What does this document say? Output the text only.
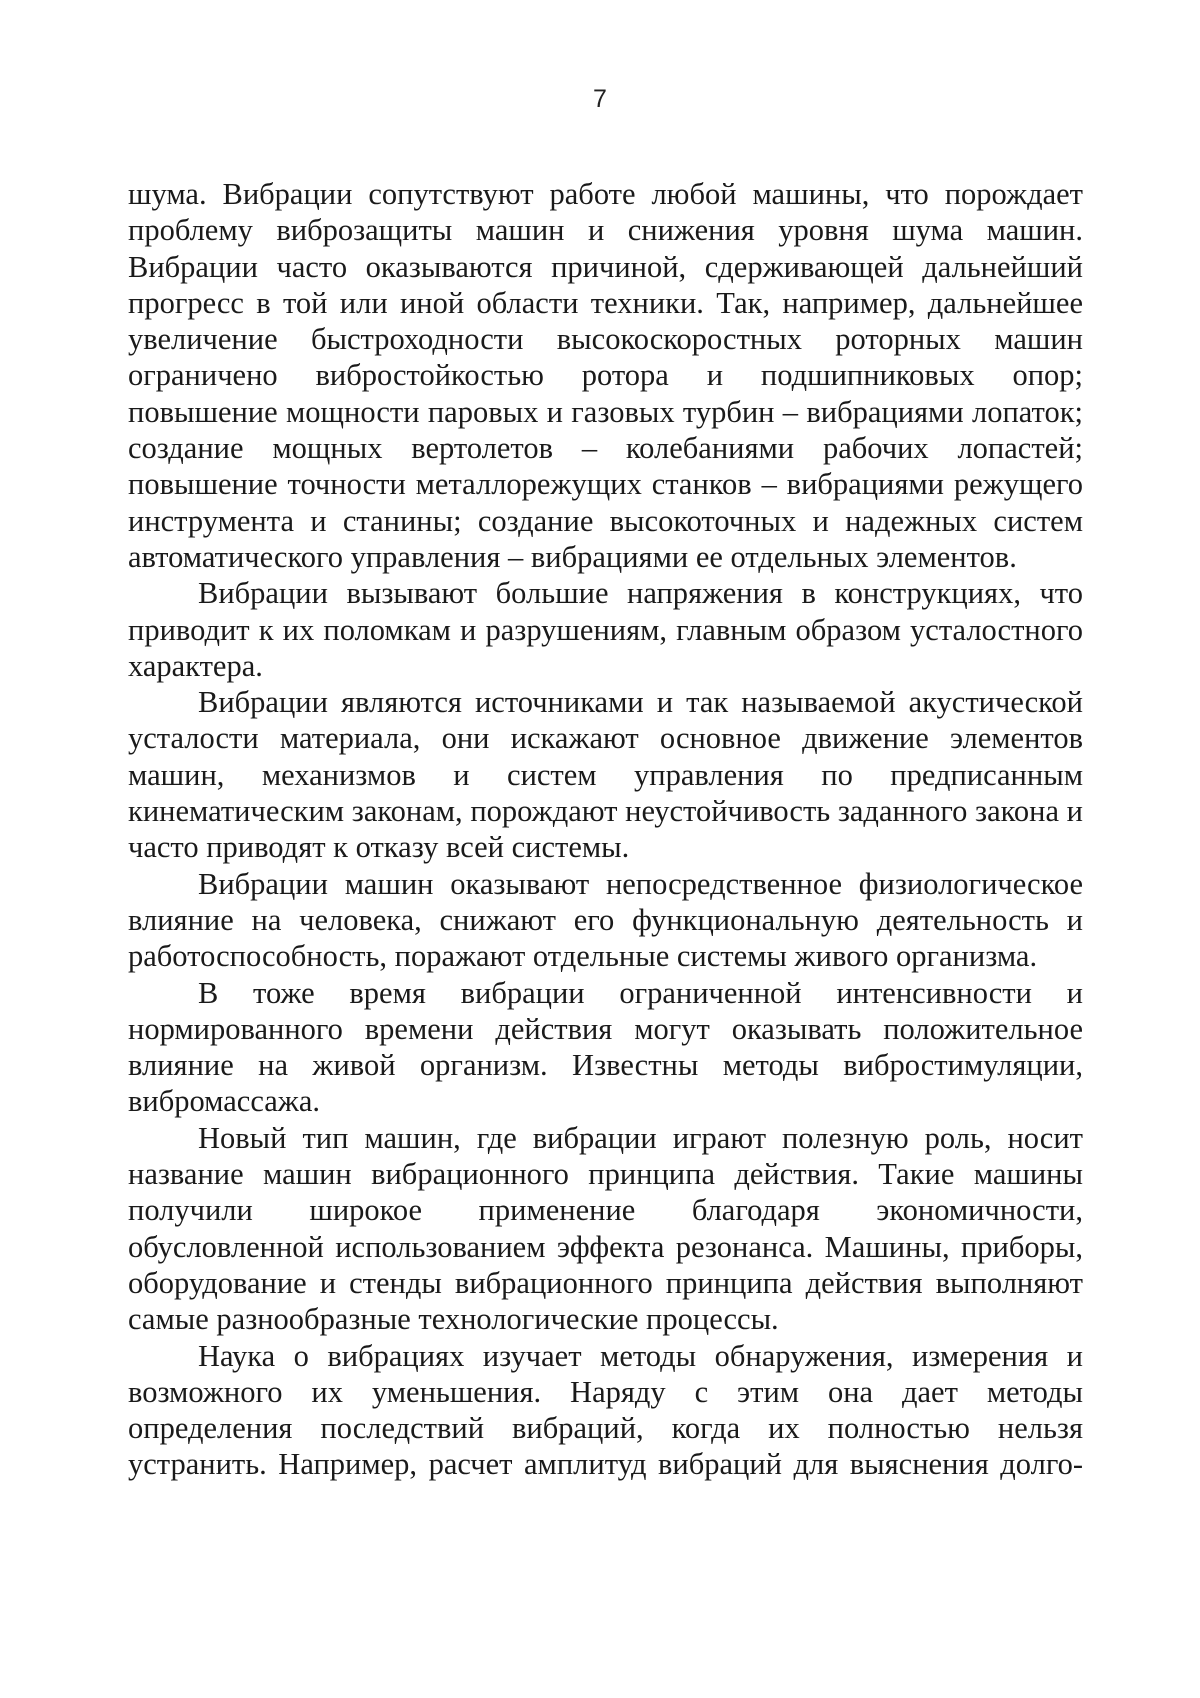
7

шума. Вибрации сопутствуют работе любой машины, что порождает проблему виброзащиты машин и снижения уровня шума машин. Вибрации часто оказываются причиной, сдерживающей дальнейший прогресс в той или иной области техники. Так, например, дальнейшее увеличение быстроходности высокоскоростных роторных машин ограничено вибростойкостью ротора и подшипниковых опор; повышение мощности паровых и газовых турбин – вибрациями лопаток; создание мощных вертолетов – колебаниями рабочих лопастей; повышение точности металлорежущих станков – вибрациями режущего инструмента и станины; создание высокоточных и надежных систем автоматического управления – вибрациями ее отдельных элементов.

Вибрации вызывают большие напряжения в конструкциях, что приводит к их поломкам и разрушениям, главным образом усталостного характера.

Вибрации являются источниками и так называемой акустической усталости материала, они искажают основное движение элементов машин, механизмов и систем управления по предписанным кинематическим законам, порождают неустойчивость заданного закона и часто приводят к отказу всей системы.

Вибрации машин оказывают непосредственное физиологическое влияние на человека, снижают его функциональную деятельность и работоспособность, поражают отдельные системы живого организма.

В тоже время вибрации ограниченной интенсивности и нормированного времени действия могут оказывать положительное влияние на живой организм. Известны методы вибростимуляции, вибромассажа.

Новый тип машин, где вибрации играют полезную роль, носит название машин вибрационного принципа действия. Такие машины получили широкое применение благодаря экономичности, обусловленной использованием эффекта резонанса. Машины, приборы, оборудование и стенды вибрационного принципа действия выполняют самые разнообразные технологические процессы.

Наука о вибрациях изучает методы обнаружения, измерения и возможного их уменьшения. Наряду с этим она дает методы определения последствий вибраций, когда их полностью нельзя устранить. Например, расчет амплитуд вибраций для выяснения долго-
